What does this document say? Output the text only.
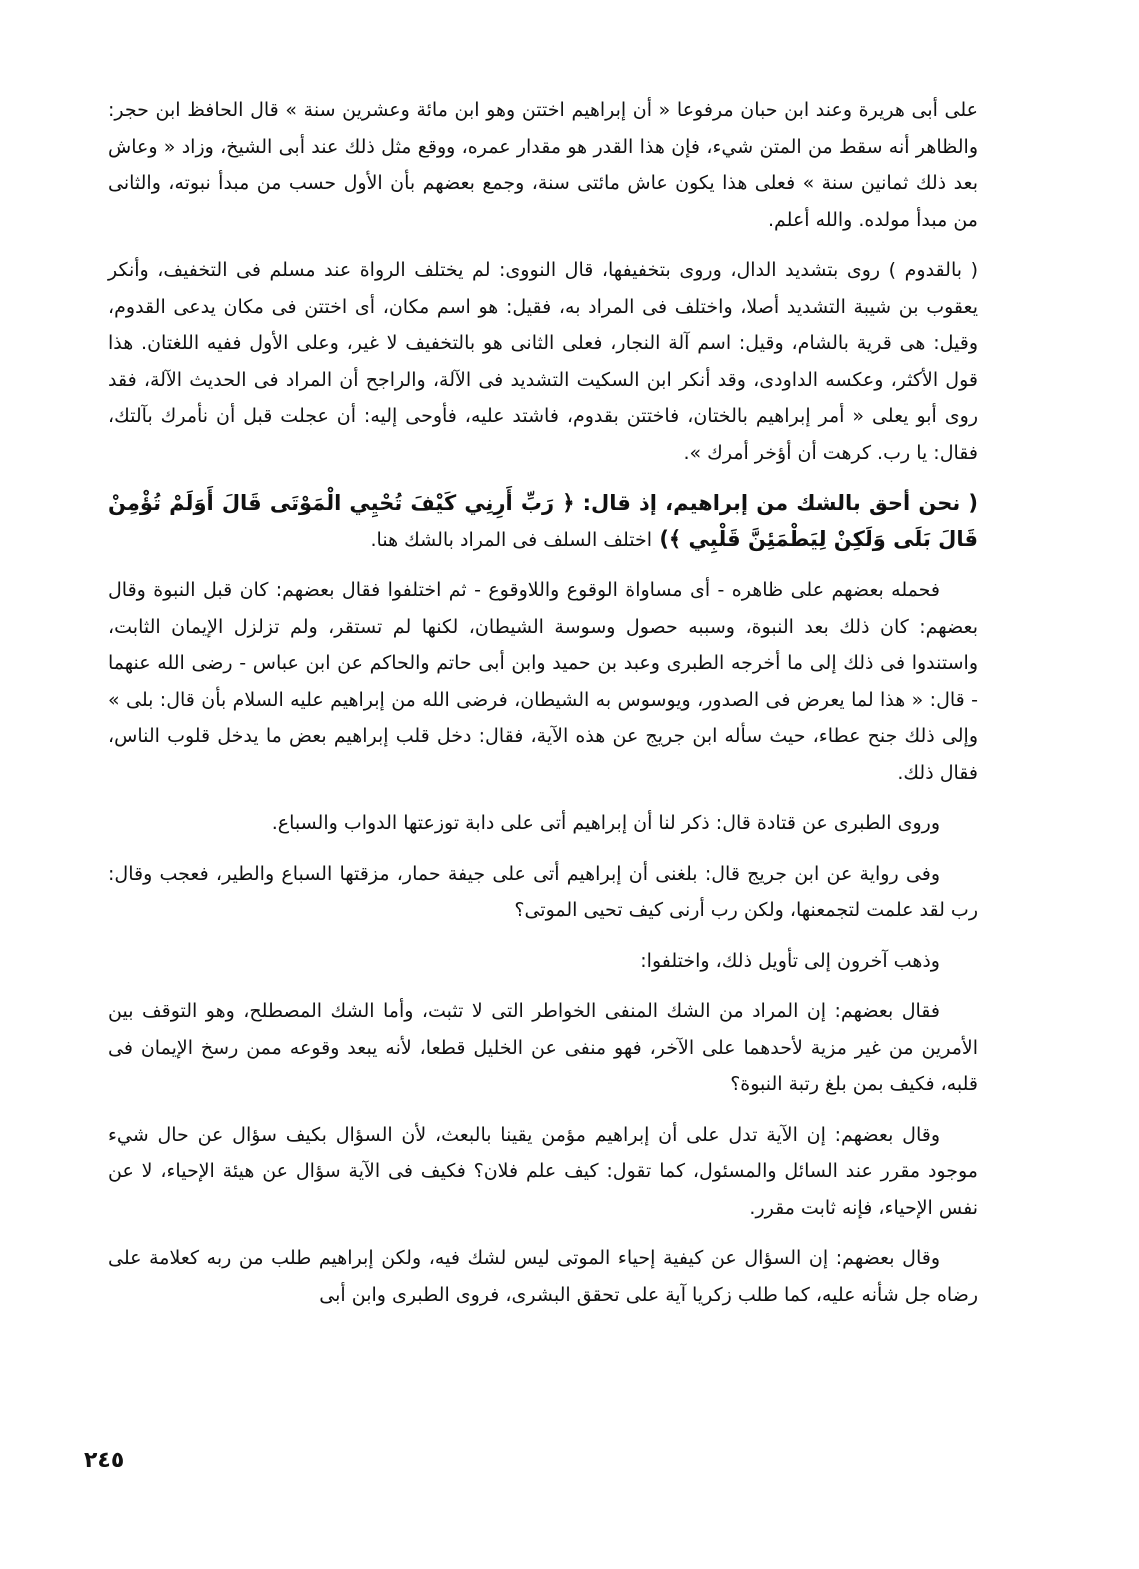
على أبى هريرة وعند ابن حبان مرفوعا « أن إبراهيم اختتن وهو ابن مائة وعشرين سنة » قال الحافظ ابن حجر: والظاهر أنه سقط من المتن شيء، فإن هذا القدر هو مقدار عمره، ووقع مثل ذلك عند أبى الشيخ، وزاد « وعاش بعد ذلك ثمانين سنة » فعلى هذا يكون عاش مائتى سنة، وجمع بعضهم بأن الأول حسب من مبدأ نبوته، والثانى من مبدأ مولده. والله أعلم.

( بالقدوم ) روى بتشديد الدال، وروى بتخفيفها، قال النووى: لم يختلف الرواة عند مسلم فى التخفيف، وأنكر يعقوب بن شيبة التشديد أصلا، واختلف فى المراد به، فقيل: هو اسم مكان، أى اختتن فى مكان يدعى القدوم، وقيل: هى قرية بالشام، وقيل: اسم آلة النجار، فعلى الثانى هو بالتخفيف لا غير، وعلى الأول ففيه اللغتان. هذا قول الأكثر، وعكسه الداودى، وقد أنكر ابن السكيت التشديد فى الآلة، والراجح أن المراد فى الحديث الآلة، فقد روى أبو يعلى « أمر إبراهيم بالختان، فاختتن بقدوم، فاشتد عليه، فأوحى إليه: أن عجلت قبل أن نأمرك بآلتك، فقال: يا رب. كرهت أن أؤخر أمرك ».

( نحن أحق بالشك من إبراهيم، إذ قال: ﴿ رَبِّ أَرِنِي كَيْفَ تُحْيِي الْمَوْتَى قَالَ أَوَلَمْ تُؤْمِنْ قَالَ بَلَى وَلَكِنْ لِيَطْمَئِنَّ قَلْبِي ﴾) اختلف السلف فى المراد بالشك هنا.

فحمله بعضهم على ظاهره - أى مساواة الوقوع واللاوقوع - ثم اختلفوا فقال بعضهم: كان قبل النبوة وقال بعضهم: كان ذلك بعد النبوة، وسببه حصول وسوسة الشيطان، لكنها لم تستقر، ولم تزلزل الإيمان الثابت، واستندوا فى ذلك إلى ما أخرجه الطبرى وعبد بن حميد وابن أبى حاتم والحاكم عن ابن عباس - رضى الله عنهما - قال: « هذا لما يعرض فى الصدور، ويوسوس به الشيطان، فرضى الله من إبراهيم عليه السلام بأن قال: بلى » وإلى ذلك جنح عطاء، حيث سأله ابن جريج عن هذه الآية، فقال: دخل قلب إبراهيم بعض ما يدخل قلوب الناس، فقال ذلك.

وروى الطبرى عن قتادة قال: ذكر لنا أن إبراهيم أتى على دابة توزعتها الدواب والسباع.

وفى رواية عن ابن جريج قال: بلغنى أن إبراهيم أتى على جيفة حمار، مزقتها السباع والطير، فعجب وقال: رب لقد علمت لتجمعنها، ولكن رب أرنى كيف تحيى الموتى؟

وذهب آخرون إلى تأويل ذلك، واختلفوا:

فقال بعضهم: إن المراد من الشك المنفى الخواطر التى لا تثبت، وأما الشك المصطلح، وهو التوقف بين الأمرين من غير مزية لأحدهما على الآخر، فهو منفى عن الخليل قطعا، لأنه يبعد وقوعه ممن رسخ الإيمان فى قلبه، فكيف بمن بلغ رتبة النبوة؟

وقال بعضهم: إن الآية تدل على أن إبراهيم مؤمن يقينا بالبعث، لأن السؤال بكيف سؤال عن حال شيء موجود مقرر عند السائل والمسئول، كما تقول: كيف علم فلان؟ فكيف فى الآية سؤال عن هيئة الإحياء، لا عن نفس الإحياء، فإنه ثابت مقرر.

وقال بعضهم: إن السؤال عن كيفية إحياء الموتى ليس لشك فيه، ولكن إبراهيم طلب من ربه كعلامة على رضاه جل شأنه عليه، كما طلب زكريا آية على تحقق البشرى، فروى الطبرى وابن أبى

٢٤٥
